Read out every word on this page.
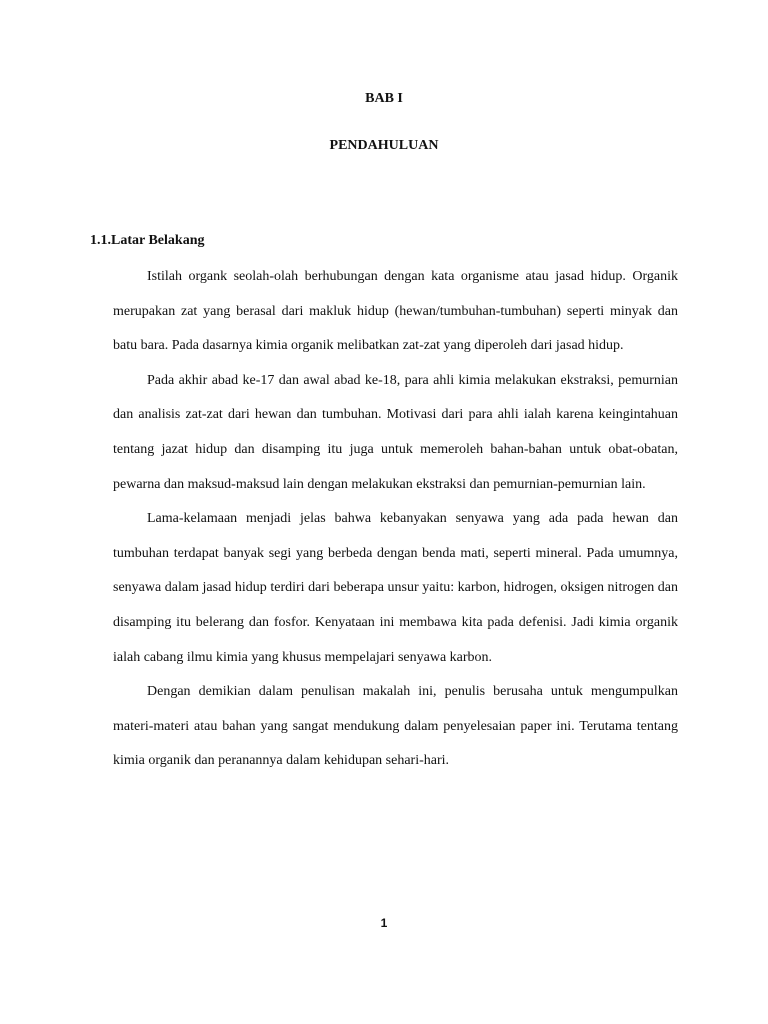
BAB I
PENDAHULUAN
1.1.Latar Belakang

Istilah organk seolah-olah berhubungan dengan kata organisme atau jasad hidup. Organik merupakan zat yang berasal dari makluk hidup (hewan/tumbuhan-tumbuhan) seperti minyak dan batu bara. Pada dasarnya kimia organik melibatkan zat-zat yang diperoleh dari jasad hidup.

Pada akhir abad ke-17 dan awal abad ke-18, para ahli kimia melakukan ekstraksi, pemurnian dan analisis zat-zat dari hewan dan tumbuhan. Motivasi dari para ahli ialah karena keingintahuan tentang jazat hidup dan disamping itu juga untuk memeroleh bahan-bahan untuk obat-obatan, pewarna dan maksud-maksud lain dengan melakukan ekstraksi dan pemurnian-pemurnian lain.

Lama-kelamaan menjadi jelas bahwa kebanyakan senyawa yang ada pada hewan dan tumbuhan terdapat banyak segi yang berbeda dengan benda mati, seperti mineral. Pada umumnya, senyawa dalam jasad hidup terdiri dari beberapa unsur yaitu: karbon, hidrogen, oksigen nitrogen dan disamping itu belerang dan fosfor. Kenyataan ini membawa kita pada defenisi. Jadi kimia organik ialah cabang ilmu kimia yang khusus mempelajari senyawa karbon.

Dengan demikian dalam penulisan makalah ini, penulis berusaha untuk mengumpulkan materi-materi atau bahan yang sangat mendukung dalam penyelesaian paper ini. Terutama tentang kimia organik dan peranannya dalam kehidupan sehari-hari.

1
